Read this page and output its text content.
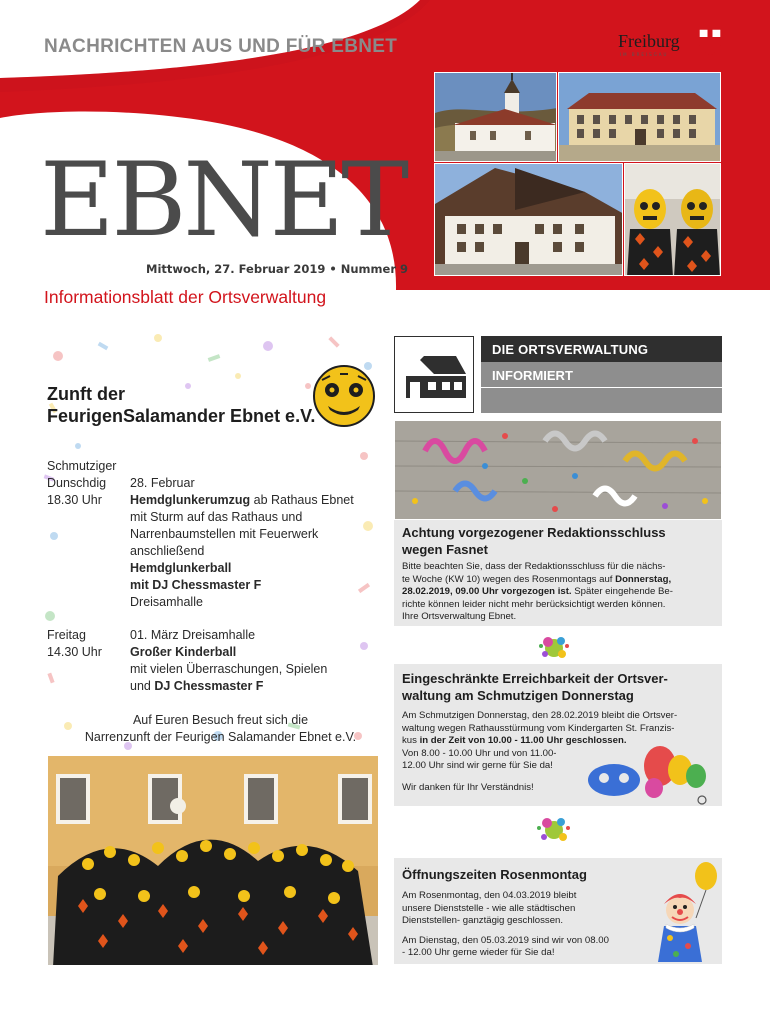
NACHRICHTEN AUS UND FÜR EBNET	Freiburg ✚
IM BREISGAU
EBNET
Mittwoch, 27. Februar 2019 • Nummer 9
Informationsblatt der Ortsverwaltung
Zunft der
FeurigenSalamander Ebnet e.V.
Schmutziger
Dunschdig
18.30 Uhr
28. Februar
Hemdglunkerumzug ab Rathaus Ebnet
mit Sturm auf das Rathaus und
Narrenbaumstellen mit Feuerwerk
anschließend
Hemdglunkerball
mit DJ Chessmaster F
Dreisamhalle
Freitag
14.30 Uhr
01. März Dreisamhalle
Großer Kinderball
mit vielen Überraschungen, Spielen
und DJ Chessmaster F
Auf Euren Besuch freut sich die
Narrenzunft der Feurigen Salamander Ebnet e.V.
DIE ORTSVERWALTUNG
INFORMIERT
Achtung vorgezogener Redaktionsschluss
wegen Fasnet
Bitte beachten Sie, dass der Redaktionsschluss für die nächs-
te Woche (KW 10) wegen des Rosenmontags auf Donnerstag,
28.02.2019, 09.00 Uhr vorgezogen ist. Später eingehende Be-
richte können leider nicht mehr berücksichtigt werden können.
Ihre Ortsverwaltung Ebnet.
Eingeschränkte Erreichbarkeit der Ortsver-
waltung am Schmutzigen Donnerstag
Am Schmutzigen Donnerstag, den 28.02.2019 bleibt die Ortsver-
waltung wegen Rathausstürmung vom Kindergarten St. Franzis-
kus in der Zeit von 10.00 - 11.00 Uhr geschlossen.
Von 8.00 - 10.00 Uhr und von 11.00-
12.00 Uhr sind wir gerne für Sie da!
Wir danken für Ihr Verständnis!
Öffnungszeiten Rosenmontag
Am Rosenmontag, den 04.03.2019 bleibt
unsere Dienststelle - wie alle städtischen
Dienststellen- ganztägig geschlossen.
Am Dienstag, den 05.03.2019 sind wir von 08.00
- 12.00 Uhr gerne wieder für Sie da!
